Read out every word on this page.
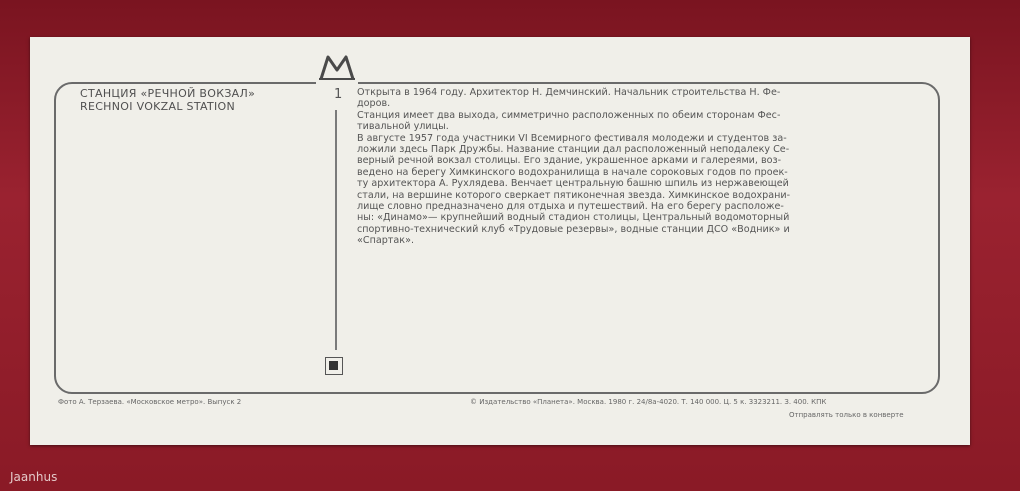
СТАНЦИЯ «РЕЧНОЙ ВОКЗАЛ»
RECHNOI VOKZAL STATION
1 Открыта в 1964 году. Архитектор Н. Демчинский. Начальник строительства Н. Фе-

доров.

Станция имеет два выхода, симметрично расположенных по обеим сторонам Фес-

тивальной улицы.

В августе 1957 года участники VI Всемирного фестиваля молодежи и студентов за-

ложили здесь Парк Дружбы. Название станции дал расположенный неподалеку Се-

верный речной вокзал столицы. Его здание, украшенное арками и галереями, воз-

ведено на берегу Химкинского водохранилища в начале сороковых годов по проек-

ту архитектора А. Рухлядева. Венчает центральную башню шпиль из нержавеющей

стали, на вершине которого сверкает пятиконечная звезда. Химкинское водохрани-

лище словно предназначено для отдыха и путешествий. На его берегу расположе-

ны: «Динамо»— крупнейший водный стадион столицы, Центральный водомоторный

спортивно-технический клуб «Трудовые резервы», водные станции ДСО «Водник» и

«Спартак».

Фото А. Терзаева. «Московское метро». Выпуск 2	© Издательство «Планета». Москва. 1980 г. 24/8а-4020. Т. 140 000. Ц. 5 к. 3323211. З. 400. КПК
Отправлять только в конверте
Jaanhus
